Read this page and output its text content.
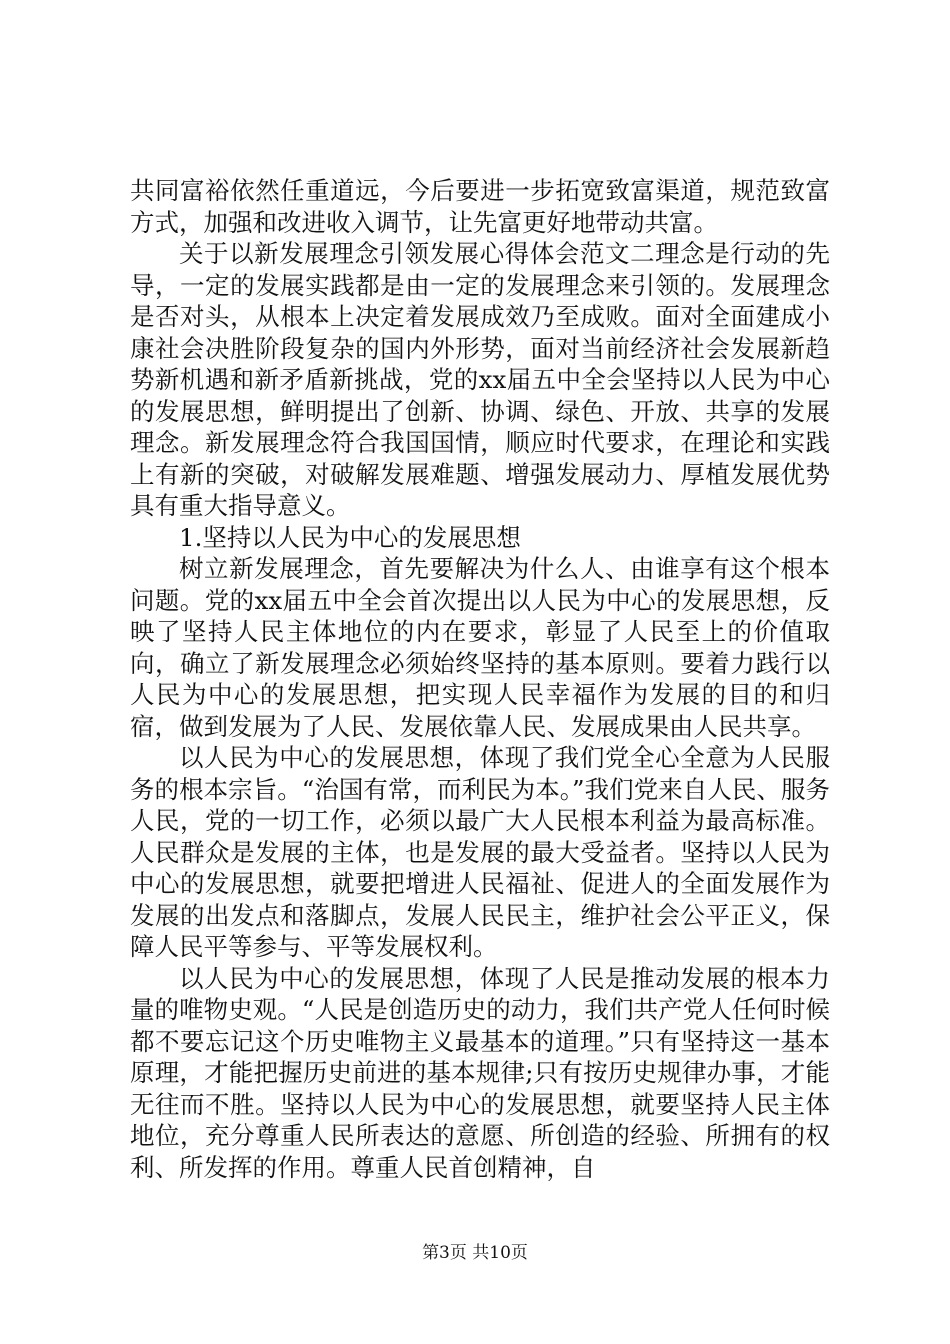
共同富裕依然任重道远，今后要进一步拓宽致富渠道，规范致富方式，加强和改进收入调节，让先富更好地带动共富。

关于以新发展理念引领发展心得体会范文二理念是行动的先导，一定的发展实践都是由一定的发展理念来引领的。发展理念是否对头，从根本上决定着发展成效乃至成败。面对全面建成小康社会决胜阶段复杂的国内外形势，面对当前经济社会发展新趋势新机遇和新矛盾新挑战，党的xx届五中全会坚持以人民为中心的发展思想，鲜明提出了创新、协调、绿色、开放、共享的发展理念。新发展理念符合我国国情，顺应时代要求，在理论和实践上有新的突破，对破解发展难题、增强发展动力、厚植发展优势具有重大指导意义。

1.坚持以人民为中心的发展思想

树立新发展理念，首先要解决为什么人、由谁享有这个根本问题。党的xx届五中全会首次提出以人民为中心的发展思想，反映了坚持人民主体地位的内在要求，彰显了人民至上的价值取向，确立了新发展理念必须始终坚持的基本原则。要着力践行以人民为中心的发展思想，把实现人民幸福作为发展的目的和归宿，做到发展为了人民、发展依靠人民、发展成果由人民共享。

以人民为中心的发展思想，体现了我们党全心全意为人民服务的根本宗旨。“治国有常，而利民为本。”我们党来自人民、服务人民，党的一切工作，必须以最广大人民根本利益为最高标准。人民群众是发展的主体，也是发展的最大受益者。坚持以人民为中心的发展思想，就要把增进人民福祉、促进人的全面发展作为发展的出发点和落脚点，发展人民民主，维护社会公平正义，保障人民平等参与、平等发展权利。

以人民为中心的发展思想，体现了人民是推动发展的根本力量的唯物史观。“人民是创造历史的动力，我们共产党人任何时候都不要忘记这个历史唯物主义最基本的道理。”只有坚持这一基本原理，才能把握历史前进的基本规律;只有按历史规律办事，才能无往而不胜。坚持以人民为中心的发展思想，就要坚持人民主体地位，充分尊重人民所表达的意愿、所创造的经验、所拥有的权利、所发挥的作用。尊重人民首创精神，自

第3页 共10页
